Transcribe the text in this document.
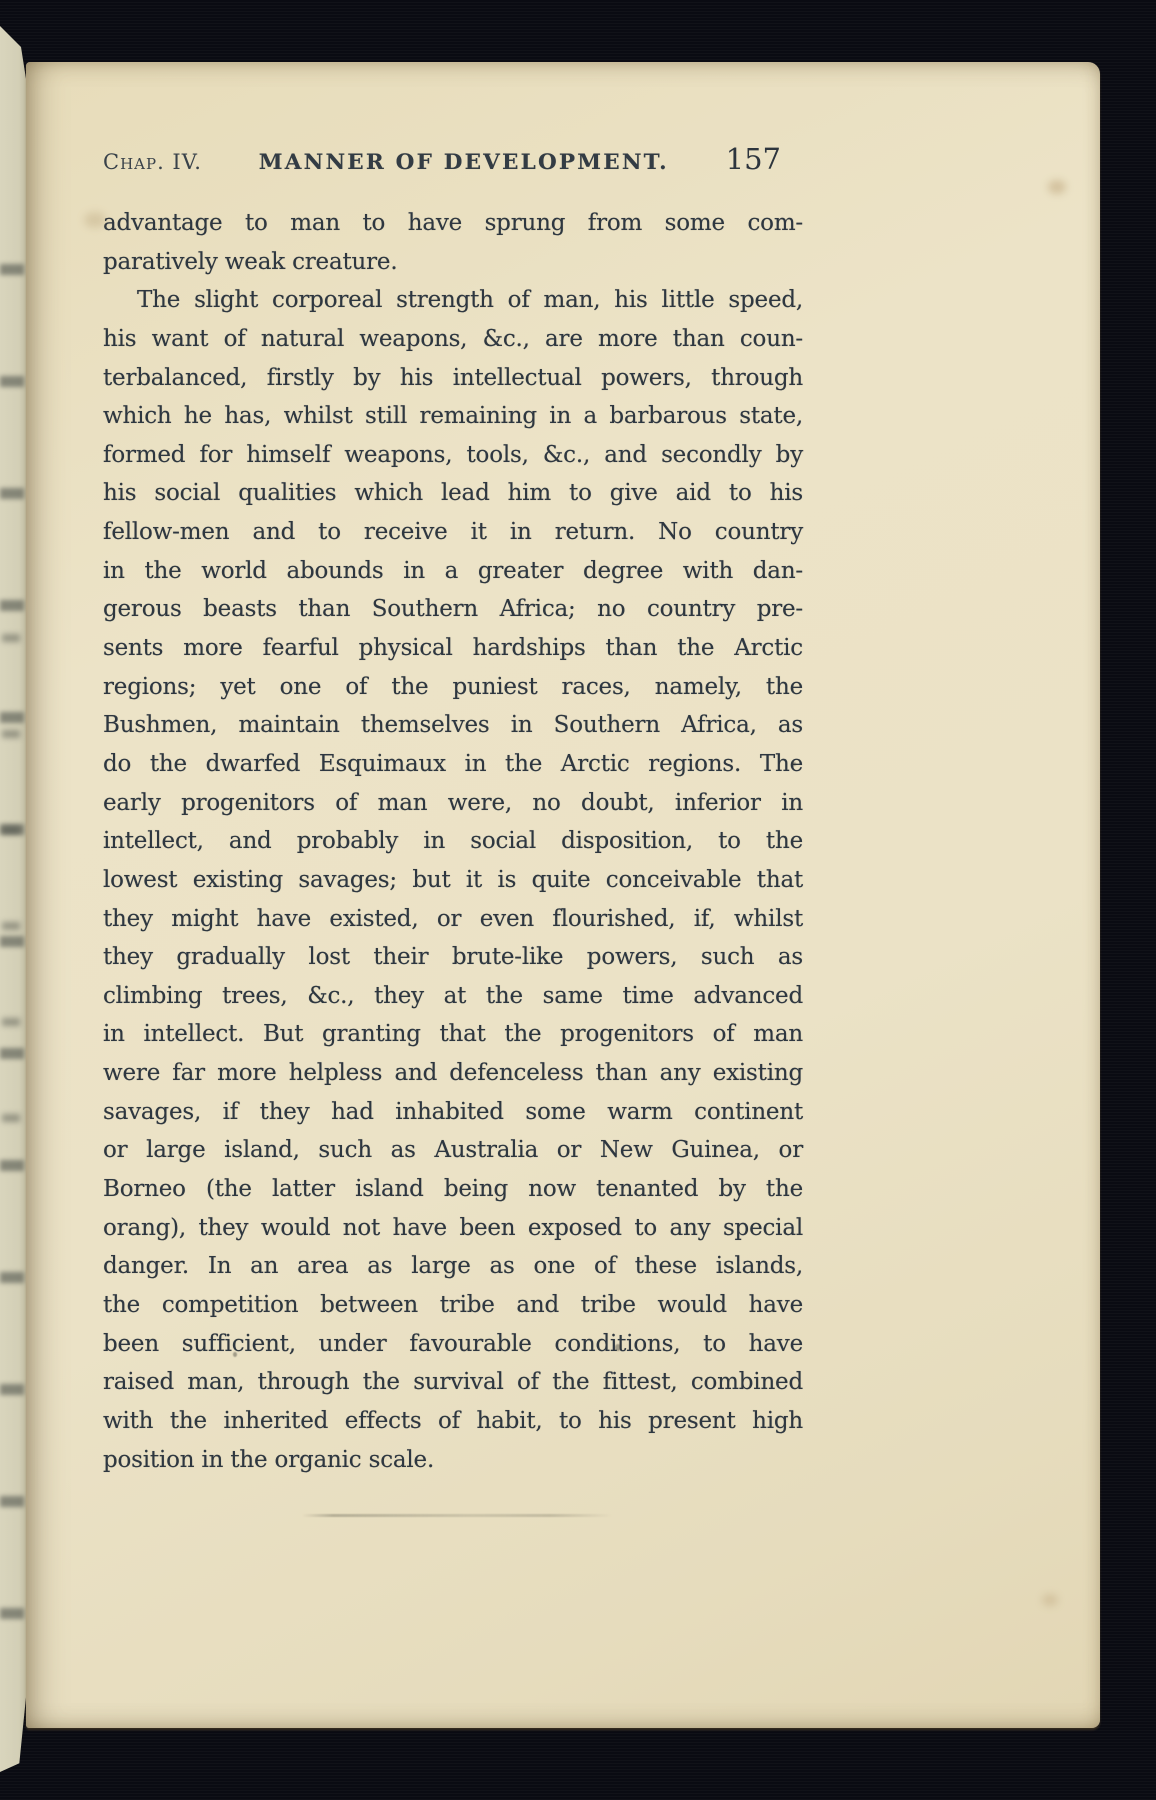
Chap. IV.	MANNER OF DEVELOPMENT.	157
advantage to man to have sprung from some com-
paratively weak creature.
The slight corporeal strength of man, his little speed,
his want of natural weapons, &c., are more than coun-
terbalanced, firstly by his intellectual powers, through
which he has, whilst still remaining in a barbarous state,
formed for himself weapons, tools, &c., and secondly by
his social qualities which lead him to give aid to his
fellow-men and to receive it in return. No country
in the world abounds in a greater degree with dan-
gerous beasts than Southern Africa; no country pre-
sents more fearful physical hardships than the Arctic
regions; yet one of the puniest races, namely, the
Bushmen, maintain themselves in Southern Africa, as
do the dwarfed Esquimaux in the Arctic regions. The
early progenitors of man were, no doubt, inferior in
intellect, and probably in social disposition, to the
lowest existing savages; but it is quite conceivable that
they might have existed, or even flourished, if, whilst
they gradually lost their brute-like powers, such as
climbing trees, &c., they at the same time advanced
in intellect. But granting that the progenitors of man
were far more helpless and defenceless than any existing
savages, if they had inhabited some warm continent
or large island, such as Australia or New Guinea, or
Borneo (the latter island being now tenanted by the
orang), they would not have been exposed to any special
danger. In an area as large as one of these islands,
the competition between tribe and tribe would have
been sufficient, under favourable conditions, to have
raised man, through the survival of the fittest, combined
with the inherited effects of habit, to his present high
position in the organic scale.
